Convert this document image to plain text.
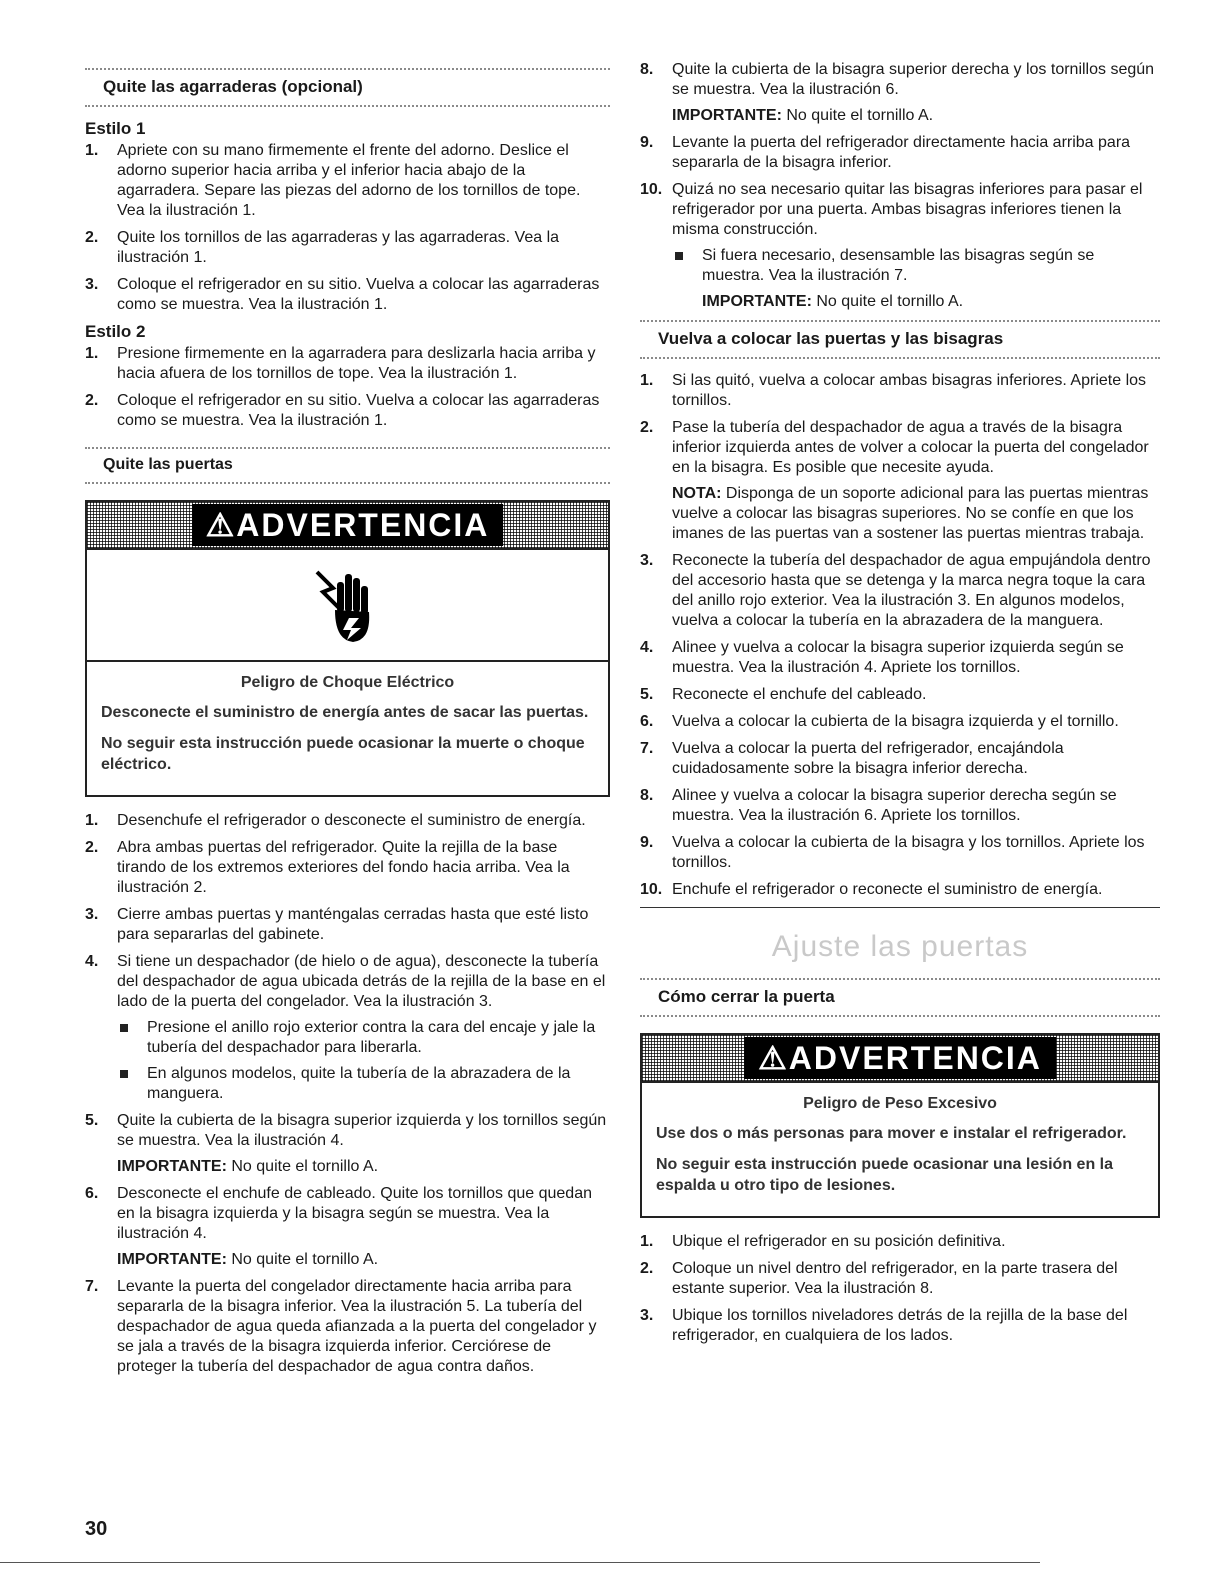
Quite las agarraderas (opcional)
Estilo 1
1. Apriete con su mano firmemente el frente del adorno. Deslice el adorno superior hacia arriba y el inferior hacia abajo de la agarradera. Separe las piezas del adorno de los tornillos de tope. Vea la ilustración 1.
2. Quite los tornillos de las agarraderas y las agarraderas. Vea la ilustración 1.
3. Coloque el refrigerador en su sitio. Vuelva a colocar las agarraderas como se muestra. Vea la ilustración 1.
Estilo 2
1. Presione firmemente en la agarradera para deslizarla hacia arriba y hacia afuera de los tornillos de tope. Vea la ilustración 1.
2. Coloque el refrigerador en su sitio. Vuelva a colocar las agarraderas como se muestra. Vea la ilustración 1.
Quite las puertas
⚠ADVERTENCIA
Peligro de Choque Eléctrico

Desconecte el suministro de energía antes de sacar las puertas.

No seguir esta instrucción puede ocasionar la muerte o choque eléctrico.

1. Desenchufe el refrigerador o desconecte el suministro de energía.
2. Abra ambas puertas del refrigerador. Quite la rejilla de la base tirando de los extremos exteriores del fondo hacia arriba. Vea la ilustración 2.
3. Cierre ambas puertas y manténgalas cerradas hasta que esté listo para separarlas del gabinete.
4. Si tiene un despachador (de hielo o de agua), desconecte la tubería del despachador de agua ubicada detrás de la rejilla de la base en el lado de la puerta del congelador. Vea la ilustración 3.
Presione el anillo rojo exterior contra la cara del encaje y jale la tubería del despachador para liberarla.
En algunos modelos, quite la tubería de la abrazadera de la manguera.
5. Quite la cubierta de la bisagra superior izquierda y los tornillos según se muestra. Vea la ilustración 4.
IMPORTANTE: No quite el tornillo A.
6. Desconecte el enchufe de cableado. Quite los tornillos que quedan en la bisagra izquierda y la bisagra según se muestra. Vea la ilustración 4.
IMPORTANTE: No quite el tornillo A.
7. Levante la puerta del congelador directamente hacia arriba para separarla de la bisagra inferior. Vea la ilustración 5. La tubería del despachador de agua queda afianzada a la puerta del congelador y se jala a través de la bisagra izquierda inferior. Cerciórese de proteger la tubería del despachador de agua contra daños.
8. Quite la cubierta de la bisagra superior derecha y los tornillos según se muestra. Vea la ilustración 6.
IMPORTANTE: No quite el tornillo A.
9. Levante la puerta del refrigerador directamente hacia arriba para separarla de la bisagra inferior.
10. Quizá no sea necesario quitar las bisagras inferiores para pasar el refrigerador por una puerta. Ambas bisagras inferiores tienen la misma construcción.
Si fuera necesario, desensamble las bisagras según se muestra. Vea la ilustración 7.
IMPORTANTE: No quite el tornillo A.
Vuelva a colocar las puertas y las bisagras
1. Si las quitó, vuelva a colocar ambas bisagras inferiores. Apriete los tornillos.
2. Pase la tubería del despachador de agua a través de la bisagra inferior izquierda antes de volver a colocar la puerta del congelador en la bisagra. Es posible que necesite ayuda.
NOTA: Disponga de un soporte adicional para las puertas mientras vuelve a colocar las bisagras superiores. No se confíe en que los imanes de las puertas van a sostener las puertas mientras trabaja.
3. Reconecte la tubería del despachador de agua empujándola dentro del accesorio hasta que se detenga y la marca negra toque la cara del anillo rojo exterior. Vea la ilustración 3. En algunos modelos, vuelva a colocar la tubería en la abrazadera de la manguera.
4. Alinee y vuelva a colocar la bisagra superior izquierda según se muestra. Vea la ilustración 4. Apriete los tornillos.
5. Reconecte el enchufe del cableado.
6. Vuelva a colocar la cubierta de la bisagra izquierda y el tornillo.
7. Vuelva a colocar la puerta del refrigerador, encajándola cuidadosamente sobre la bisagra inferior derecha.
8. Alinee y vuelva a colocar la bisagra superior derecha según se muestra. Vea la ilustración 6. Apriete los tornillos.
9. Vuelva a colocar la cubierta de la bisagra y los tornillos. Apriete los tornillos.
10. Enchufe el refrigerador o reconecte el suministro de energía.
Ajuste las puertas
Cómo cerrar la puerta
⚠ADVERTENCIA
Peligro de Peso Excesivo

Use dos o más personas para mover e instalar el refrigerador.

No seguir esta instrucción puede ocasionar una lesión en la espalda u otro tipo de lesiones.

1. Ubique el refrigerador en su posición definitiva.
2. Coloque un nivel dentro del refrigerador, en la parte trasera del estante superior. Vea la ilustración 8.
3. Ubique los tornillos niveladores detrás de la rejilla de la base del refrigerador, en cualquiera de los lados.
30
